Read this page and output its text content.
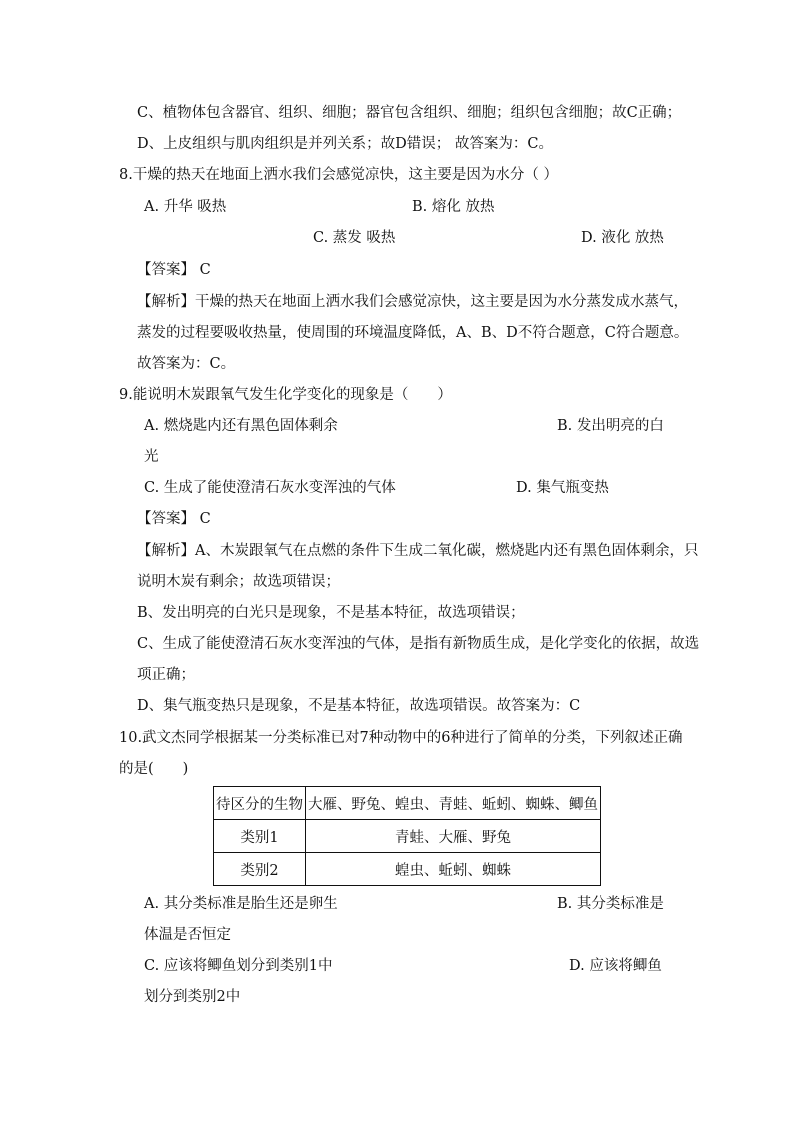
C、植物体包含器官、组织、细胞；器官包含组织、细胞；组织包含细胞；故C正确；
D、上皮组织与肌肉组织是并列关系；故D错误； 故答案为：C。
8.干燥的热天在地面上洒水我们会感觉凉快，这主要是因为水分（ ）
A. 升华 吸热	B. 熔化 放热
C. 蒸发 吸热	D. 液化 放热
【答案】 C
【解析】干燥的热天在地面上洒水我们会感觉凉快，这主要是因为水分蒸发成水蒸气，
蒸发的过程要吸收热量，使周围的环境温度降低，A、B、D不符合题意，C符合题意。
故答案为：C。
9.能说明木炭跟氧气发生化学变化的现象是（　　）
A. 燃烧匙内还有黑色固体剩余	B. 发出明亮的白
光
C. 生成了能使澄清石灰水变浑浊的气体	D. 集气瓶变热
【答案】 C
【解析】A、木炭跟氧气在点燃的条件下生成二氧化碳，燃烧匙内还有黑色固体剩余，只
说明木炭有剩余；故选项错误；
B、发出明亮的白光只是现象，不是基本特征，故选项错误；
C、生成了能使澄清石灰水变浑浊的气体，是指有新物质生成，是化学变化的依据，故选
项正确；
D、集气瓶变热只是现象，不是基本特征，故选项错误。故答案为：C
10.武文杰同学根据某一分类标准已对7种动物中的6种进行了简单的分类，下列叙述正确
的是(　　)
待区分的生物	大雁、野兔、蝗虫、青蛙、蚯蚓、蜘蛛、鲫鱼
类别1	青蛙、大雁、野兔
类别2	蝗虫、蚯蚓、蜘蛛
A. 其分类标准是胎生还是卵生	B. 其分类标准是
体温是否恒定
C. 应该将鲫鱼划分到类别1中	D. 应该将鲫鱼
划分到类别2中
